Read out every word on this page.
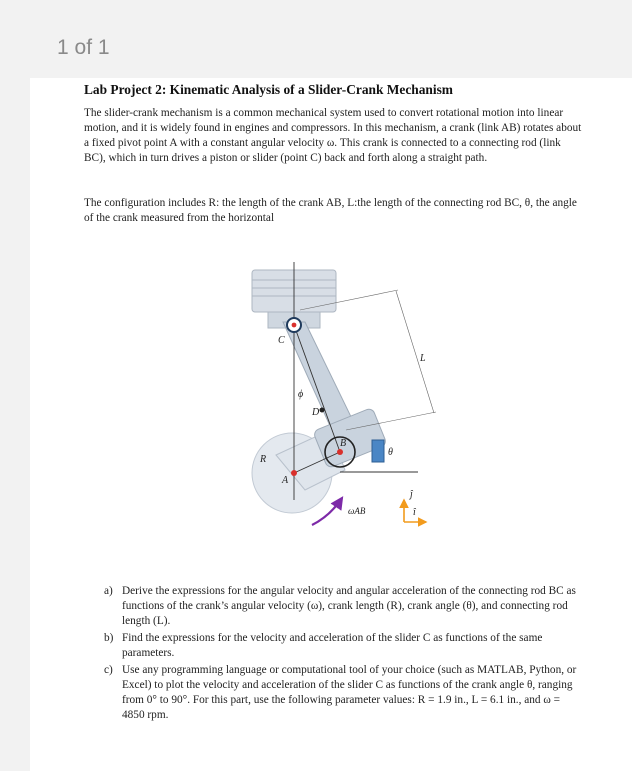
1 of 1
Lab Project 2: Kinematic Analysis of a Slider-Crank Mechanism

The slider-crank mechanism is a common mechanical system used to convert rotational motion into linear motion, and it is widely found in engines and compressors. In this mechanism, a crank (link AB) rotates about a fixed pivot point A with a constant angular velocity ω. This crank is connected to a connecting rod (link BC), which in turn drives a piston or slider (point C) back and forth along a straight path.

The configuration includes R: the length of the crank AB, L:the length of the connecting rod BC, θ, the angle of the crank measured from the horizontal

C
L
ϕ
D
B
θ
R
A
ωAB
ĵ
î
a) Derive the expressions for the angular velocity and angular acceleration of the connecting rod BC as functions of the crank’s angular velocity (ω), crank length (R), crank angle (θ), and connecting rod length (L).
b) Find the expressions for the velocity and acceleration of the slider C as functions of the same parameters.
c) Use any programming language or computational tool of your choice (such as MATLAB, Python, or Excel) to plot the velocity and acceleration of the slider C as functions of the crank angle θ, ranging from 0° to 90°. For this part, use the following parameter values: R = 1.9 in., L = 6.1 in., and ω = 4850 rpm.
